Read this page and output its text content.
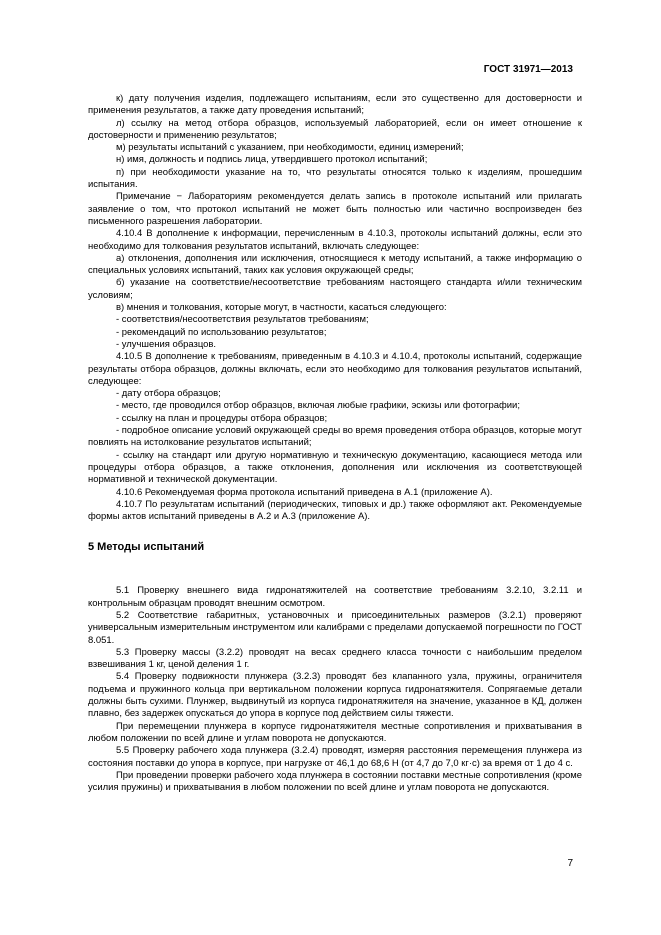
ГОСТ 31971—2013

к) дату получения изделия, подлежащего испытаниям, если это существенно для достоверности и применения результатов, а также дату проведения испытаний;

л) ссылку на метод отбора образцов, используемый лабораторией, если он имеет отношение к достоверности и применению результатов;

м) результаты испытаний с указанием, при необходимости, единиц измерений;

н) имя, должность и подпись лица, утвердившего протокол испытаний;

п) при необходимости указание на то, что результаты относятся только к изделиям, прошедшим испытания.

Примечание − Лабораториям рекомендуется делать запись в протоколе испытаний или прилагать заявление о том, что протокол испытаний не может быть полностью или частично воспроизведен без письменного разрешения лаборатории.

4.10.4 В дополнение к информации, перечисленным в 4.10.3, протоколы испытаний должны, если это необходимо для толкования результатов испытаний, включать следующее:

а) отклонения, дополнения или исключения, относящиеся к методу испытаний, а также информацию о специальных условиях испытаний, таких как условия окружающей среды;

б) указание на соответствие/несоответствие требованиям настоящего стандарта и/или техническим условиям;

в) мнения и толкования, которые могут, в частности, касаться следующего:

- соответствия/несоответствия результатов требованиям;

- рекомендаций по использованию результатов;

- улучшения образцов.

4.10.5 В дополнение к требованиям, приведенным в 4.10.3 и 4.10.4, протоколы испытаний, содержащие результаты отбора образцов, должны включать, если это необходимо для толкования результатов испытаний, следующее:

- дату отбора образцов;

- место, где проводился отбор образцов, включая любые графики, эскизы или фотографии;

- ссылку на план и процедуры отбора образцов;

- подробное описание условий окружающей среды во время проведения отбора образцов, которые могут повлиять на истолкование результатов испытаний;

- ссылку на стандарт или другую нормативную и техническую документацию, касающиеся метода или процедуры отбора образцов, а также отклонения, дополнения или исключения из соответствующей нормативной и технической документации.

4.10.6 Рекомендуемая форма протокола испытаний приведена в А.1 (приложение А).

4.10.7 По результатам испытаний (периодических, типовых и др.) также оформляют акт. Рекомендуемые формы актов испытаний приведены в А.2 и А.3 (приложение А).

5 Методы испытаний

5.1 Проверку внешнего вида гидронатяжителей на соответствие требованиям 3.2.10, 3.2.11 и контрольным образцам проводят внешним осмотром.

5.2 Соответствие габаритных, установочных и присоединительных размеров (3.2.1) проверяют универсальным измерительным инструментом или калибрами с пределами допускаемой погрешности по ГОСТ 8.051.

5.3 Проверку массы (3.2.2) проводят на весах среднего класса точности с наибольшим пределом взвешивания 1 кг, ценой деления 1 г.

5.4 Проверку подвижности плунжера (3.2.3) проводят без клапанного узла, пружины, ограничителя подъема и пружинного кольца при вертикальном положении корпуса гидронатяжителя. Сопрягаемые детали должны быть сухими. Плунжер, выдвинутый из корпуса гидронатяжителя на значение, указанное в КД, должен плавно, без задержек опускаться до упора в корпусе под действием силы тяжести.

При перемещении плунжера в корпусе гидронатяжителя местные сопротивления и прихватывания в любом положении по всей длине и углам поворота не допускаются.

5.5 Проверку рабочего хода плунжера (3.2.4) проводят, измеряя расстояния перемещения плунжера из состояния поставки до упора в корпусе, при нагрузке от 46,1 до 68,6 Н (от 4,7 до 7,0 кг·с) за время от 1 до 4 с.

При проведении проверки рабочего хода плунжера в состоянии поставки местные сопротивления (кроме усилия пружины) и прихватывания в любом положении по всей длине и углам поворота не допускаются.

7
